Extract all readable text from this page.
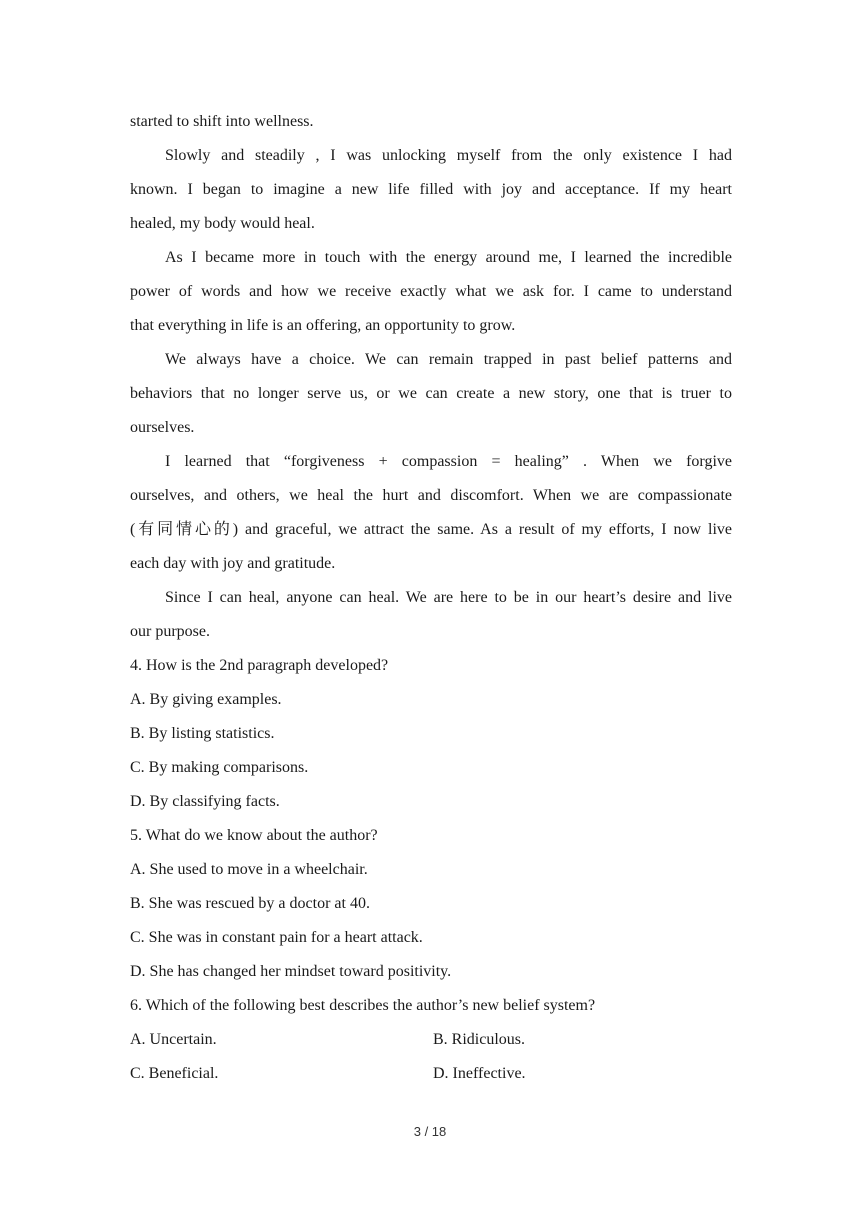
started to shift into wellness.
Slowly and steadily , I was unlocking myself from the only existence I had
known. I began to imagine a new life filled with joy and acceptance. If my heart
healed, my body would heal.
As I became more in touch with the energy around me, I learned the incredible
power of words and how we receive exactly what we ask for. I came to understand
that everything in life is an offering, an opportunity to grow.
We always have a choice. We can remain trapped in past belief patterns and
behaviors that no longer serve us, or we can create a new story, one that is truer to
ourselves.
I learned that “forgiveness + compassion = healing” . When we forgive
ourselves, and others, we heal the hurt and discomfort. When we are compassionate
(有同情心的) and graceful, we attract the same. As a result of my efforts, I now live
each day with joy and gratitude.
Since I can heal, anyone can heal. We are here to be in our heart’s desire and live
our purpose.
4. How is the 2nd paragraph developed?
A. By giving examples.
B. By listing statistics.
C. By making comparisons.
D. By classifying facts.
5. What do we know about the author?
A. She used to move in a wheelchair.
B. She was rescued by a doctor at 40.
C. She was in constant pain for a heart attack.
D. She has changed her mindset toward positivity.
6. Which of the following best describes the author’s new belief system?
A. Uncertain.	B. Ridiculous.
C. Beneficial.	D. Ineffective.
3 / 18
